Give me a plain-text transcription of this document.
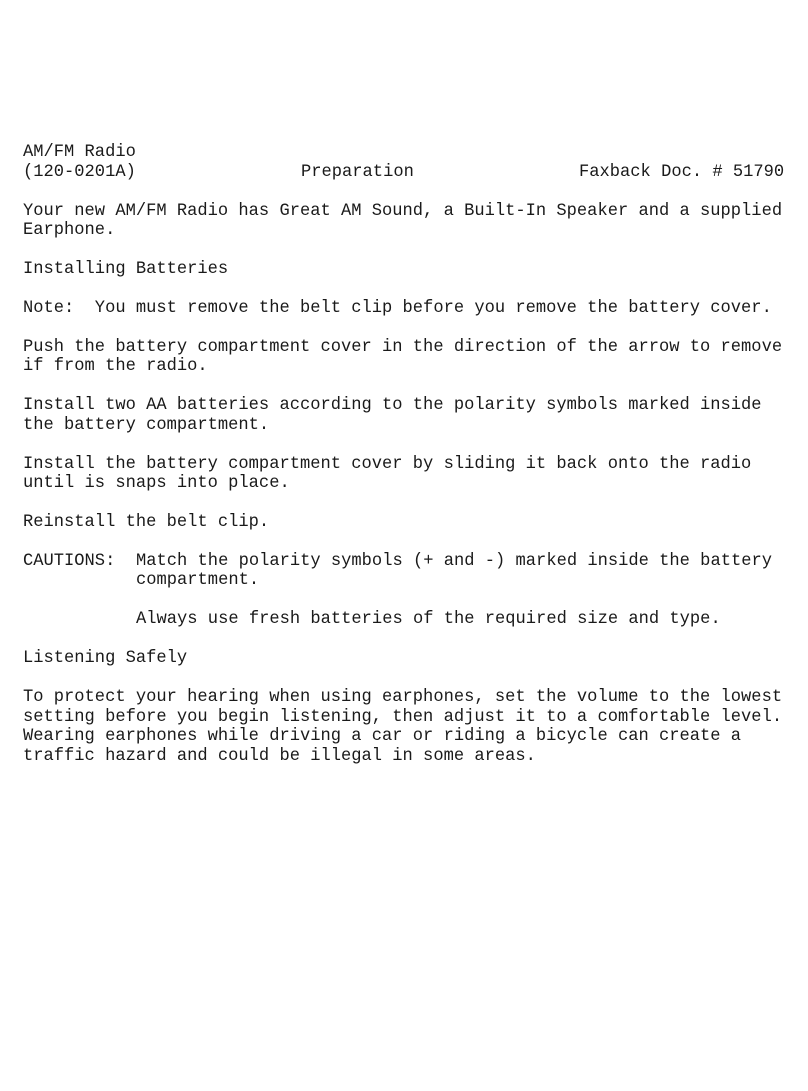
AM/FM Radio
(120-0201A)	Preparation	Faxback Doc. # 51790
Your new AM/FM Radio has Great AM Sound, a Built-In Speaker and a supplied
Earphone.
Installing Batteries
Note:  You must remove the belt clip before you remove the battery cover.
Push the battery compartment cover in the direction of the arrow to remove
if from the radio.
Install two AA batteries according to the polarity symbols marked inside
the battery compartment.
Install the battery compartment cover by sliding it back onto the radio
until is snaps into place.
Reinstall the belt clip.
CAUTIONS: Match the polarity symbols (+ and -) marked inside the battery
compartment.
Always use fresh batteries of the required size and type.
Listening Safely
To protect your hearing when using earphones, set the volume to the lowest
setting before you begin listening, then adjust it to a comfortable level.
Wearing earphones while driving a car or riding a bicycle can create a
traffic hazard and could be illegal in some areas.
